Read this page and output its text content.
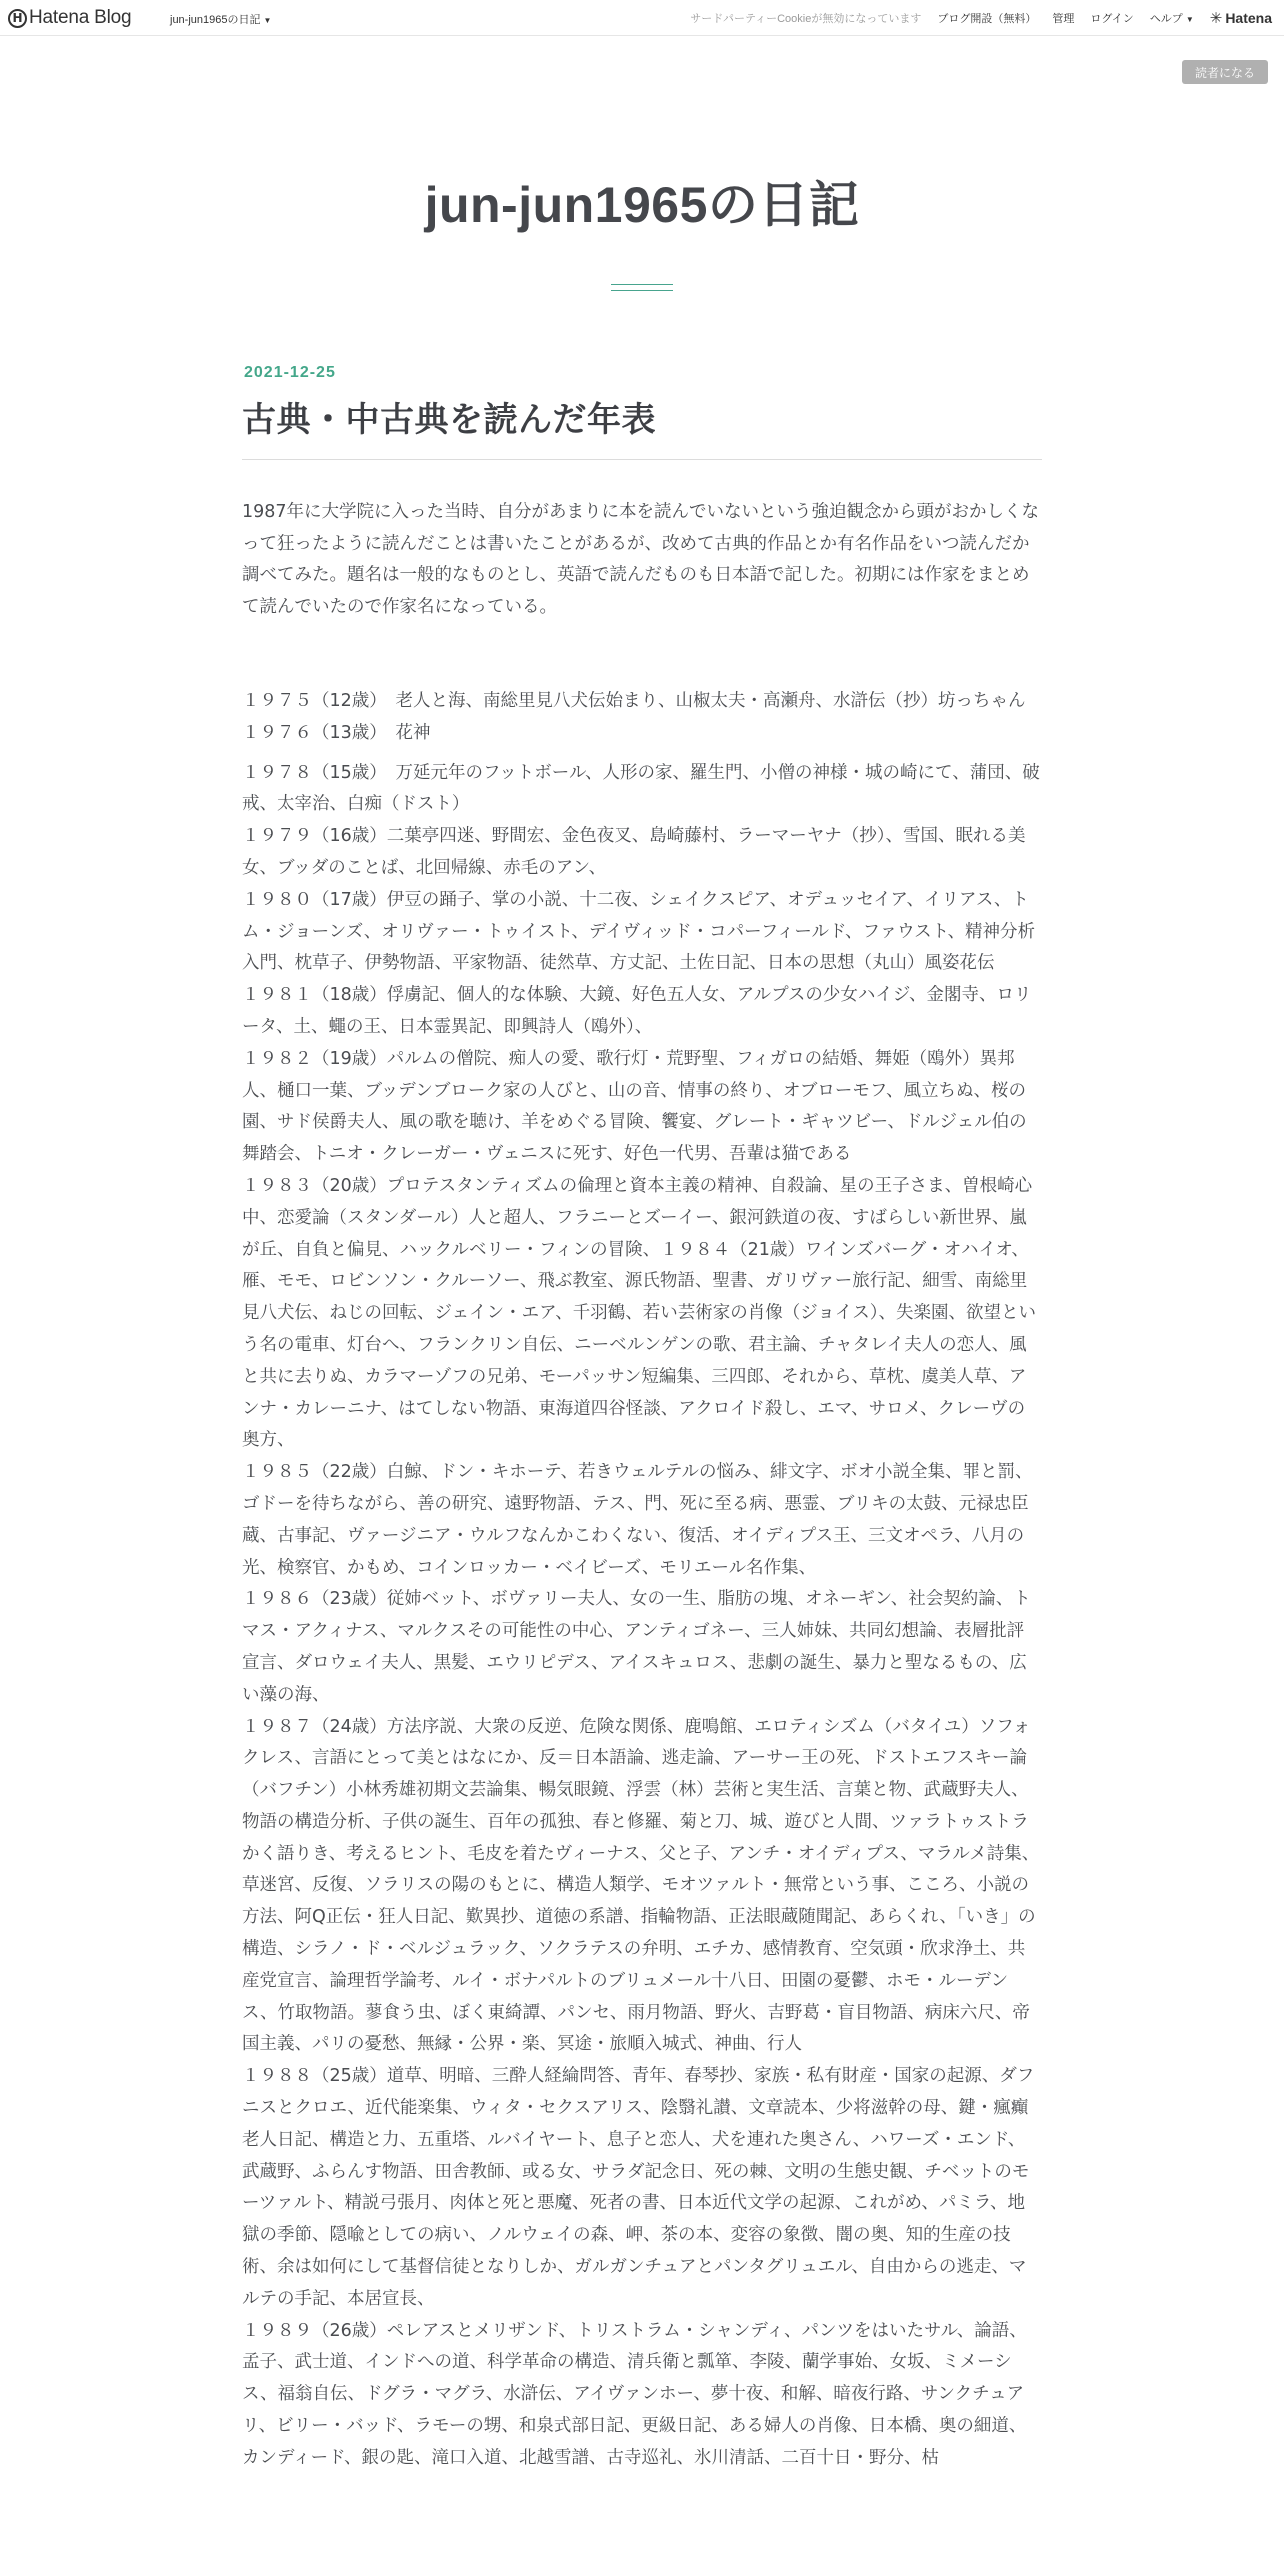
H Hatena Blog	jun-jun1965の日記 ▼	サードパーティーCookieが無効になっています ブログ開設（無料） 管理 ログイン ヘルプ ▼ ✳ Hatena
読者になる
jun-jun1965の日記
2021-12-25
古典・中古典を読んだ年表

1987年に大学院に入った当時、自分があまりに本を読んでいないという強迫観念から頭がおかしくなって狂ったように読んだことは書いたことがあるが、改めて古典的作品とか有名作品をいつ読んだか調べてみた。題名は一般的なものとし、英語で読んだものも日本語で記した。初期には作家をまとめて読んでいたので作家名になっている。

１９７５（12歳）　老人と海、南総里見八犬伝始まり、山椒太夫・高瀬舟、水滸伝（抄）坊っちゃん

１９７６（13歳）　花神

１９７８（15歳）　万延元年のフットボール、人形の家、羅生門、小僧の神様・城の崎にて、蒲団、破戒、太宰治、白痴（ドスト）

１９７９（16歳）二葉亭四迷、野間宏、金色夜叉、島崎藤村、ラーマーヤナ（抄）、雪国、眠れる美女、ブッダのことば、北回帰線、赤毛のアン、

１９８０（17歳）伊豆の踊子、掌の小説、十二夜、シェイクスピア、オデュッセイア、イリアス、トム・ジョーンズ、オリヴァー・トゥイスト、デイヴィッド・コパーフィールド、ファウスト、精神分析入門、枕草子、伊勢物語、平家物語、徒然草、方丈記、土佐日記、日本の思想（丸山）風姿花伝

１９８１（18歳）俘虜記、個人的な体験、大鏡、好色五人女、アルプスの少女ハイジ、金閣寺、ロリータ、土、蠅の王、日本霊異記、即興詩人（鴎外）、

１９８２（19歳）パルムの僧院、痴人の愛、歌行灯・荒野聖、フィガロの結婚、舞姫（鴎外）異邦人、樋口一葉、ブッデンブローク家の人びと、山の音、情事の終り、オブローモフ、風立ちぬ、桜の園、サド侯爵夫人、風の歌を聴け、羊をめぐる冒険、饗宴、グレート・ギャツビー、ドルジェル伯の舞踏会、トニオ・クレーガー・ヴェニスに死す、好色一代男、吾輩は猫である

１９８３（20歳）プロテスタンティズムの倫理と資本主義の精神、自殺論、星の王子さま、曽根崎心中、恋愛論（スタンダール）人と超人、フラニーとズーイー、銀河鉄道の夜、すばらしい新世界、嵐が丘、自負と偏見、ハックルベリー・フィンの冒険、１９８４（21歳）ワインズバーグ・オハイオ、雁、モモ、ロビンソン・クルーソー、飛ぶ教室、源氏物語、聖書、ガリヴァー旅行記、細雪、南総里見八犬伝、ねじの回転、ジェイン・エア、千羽鶴、若い芸術家の肖像（ジョイス）、失楽園、欲望という名の電車、灯台へ、フランクリン自伝、ニーベルンゲンの歌、君主論、チャタレイ夫人の恋人、風と共に去りぬ、カラマーゾフの兄弟、モーパッサン短編集、三四郎、それから、草枕、虞美人草、アンナ・カレーニナ、はてしない物語、東海道四谷怪談、アクロイド殺し、エマ、サロメ、クレーヴの奥方、

１９８５（22歳）白鯨、ドン・キホーテ、若きウェルテルの悩み、緋文字、ボオ小説全集、罪と罰、ゴドーを待ちながら、善の研究、遠野物語、テス、門、死に至る病、悪霊、ブリキの太鼓、元禄忠臣蔵、古事記、ヴァージニア・ウルフなんかこわくない、復活、オイディプス王、三文オペラ、八月の光、検察官、かもめ、コインロッカー・ベイビーズ、モリエール名作集、

１９８６（23歳）従姉ベット、ボヴァリー夫人、女の一生、脂肪の塊、オネーギン、社会契約論、トマス・アクィナス、マルクスその可能性の中心、アンティゴネー、三人姉妹、共同幻想論、表層批評宣言、ダロウェイ夫人、黒髪、エウリピデス、アイスキュロス、悲劇の誕生、暴力と聖なるもの、広い藻の海、

１９８７（24歳）方法序説、大衆の反逆、危険な関係、鹿鳴館、エロティシズム（バタイユ）ソフォクレス、言語にとって美とはなにか、反＝日本語論、逃走論、アーサー王の死、ドストエフスキー論（バフチン）小林秀雄初期文芸論集、暢気眼鏡、浮雲（林）芸術と実生活、言葉と物、武蔵野夫人、物語の構造分析、子供の誕生、百年の孤独、春と修羅、菊と刀、城、遊びと人間、ツァラトゥストラかく語りき、考えるヒント、毛皮を着たヴィーナス、父と子、アンチ・オイディプス、マラルメ詩集、草迷宮、反復、ソラリスの陽のもとに、構造人類学、モオツァルト・無常という事、こころ、小説の方法、阿Q正伝・狂人日記、歎異抄、道徳の系譜、指輪物語、正法眼蔵随聞記、あらくれ、「いき」の構造、シラノ・ド・ベルジュラック、ソクラテスの弁明、エチカ、感情教育、空気頭・欣求浄土、共産党宣言、論理哲学論考、ルイ・ボナパルトのブリュメール十八日、田園の憂鬱、ホモ・ルーデンス、竹取物語。蓼食う虫、ぼく東綺譚、パンセ、雨月物語、野火、吉野葛・盲目物語、病床六尺、帝国主義、パリの憂愁、無縁・公界・楽、冥途・旅順入城式、神曲、行人

１９８８（25歳）道草、明暗、三酔人経綸問答、青年、春琴抄、家族・私有財産・国家の起源、ダフニスとクロエ、近代能楽集、ウィタ・セクスアリス、陰翳礼讃、文章読本、少将滋幹の母、鍵・瘋癲老人日記、構造と力、五重塔、ルバイヤート、息子と恋人、犬を連れた奥さん、ハワーズ・エンド、武蔵野、ふらんす物語、田舎教師、或る女、サラダ記念日、死の棘、文明の生態史観、チベットのモーツァルト、精説弓張月、肉体と死と悪魔、死者の書、日本近代文学の起源、これがめ、パミラ、地獄の季節、隠喩としての病い、ノルウェイの森、岬、茶の本、変容の象徴、闇の奥、知的生産の技術、余は如何にして基督信徒となりしか、ガルガンチュアとパンタグリュエル、自由からの逃走、マルテの手記、本居宣長、

１９８９（26歳）ペレアスとメリザンド、トリストラム・シャンディ、パンツをはいたサル、論語、孟子、武士道、インドへの道、科学革命の構造、清兵衛と瓢箪、李陵、蘭学事始、女坂、ミメーシス、福翁自伝、ドグラ・マグラ、水滸伝、アイヴァンホー、夢十夜、和解、暗夜行路、サンクチュアリ、ビリー・バッド、ラモーの甥、和泉式部日記、更級日記、ある婦人の肖像、日本橋、奥の細道、カンディード、銀の匙、滝口入道、北越雪譜、古寺巡礼、氷川清話、二百十日・野分、枯
